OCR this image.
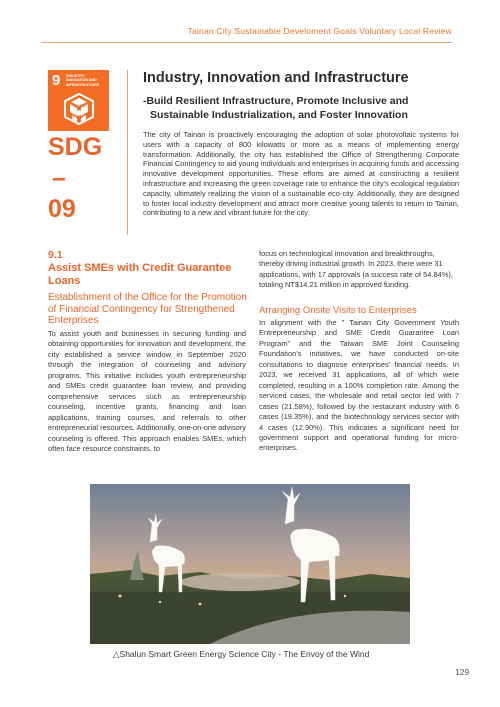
Tainan City Sustainable Develoment Goals Voluntary Local Review
9 INDUSTRY, INNOVATION AND INFRASTRUCTURE
SDG
–
09
Industry, Innovation and Infrastructure
-Build Resilient Infrastructure, Promote Inclusive and
Sustainable Industrialization, and Foster Innovation
The city of Tainan is proactively encouraging the adoption of solar photovoltaic systems for users with a capacity of 800 kilowatts or more as a means of implementing energy transformation. Additionally, the city has established the Office of Strengthening Corporate Financial Contingency to aid young individuals and enterprises in acquiring funds and accessing innovative development opportunities. These efforts are aimed at constructing a resilient infrastructure and increasing the green coverage rate to enhance the city's ecological regulation capacity, ultimately realizing the vision of a sustainable eco-city. Additionally, they are designed to foster local industry development and attract more creative young talents to return to Tainan, contributing to a new and vibrant future for the city.
9.1
Assist SMEs with Credit Guarantee Loans
Establishment of the Office for the Promotion of Financial Contingency for Strengthened Enterprises
To assist youth and businesses in securing funding and obtaining opportunities for innovation and development, the city established a service window in September 2020 through the integration of counseling and advisory programs. This initiative includes youth entrepreneurship and SMEs credit guarantee loan review, and providing comprehensive services such as entrepreneurship counseling, incentive grants, financing and loan applications, training courses, and referrals to other entrepreneurial resources. Additionally, one-on-one advisory counseling is offered. This approach enables SMEs, which often face resource constraints, to
focus on technological innovation and breakthroughs, thereby driving industrial growth. In 2023, there were 31 applications, with 17 approvals (a success rate of 54.84%), totaling NT$14.21 million in approved funding.
Arranging Onsite Visits to Enterprises
In alignment with the " Tainan City Government Youth Entrepreneurship and SME Credit Guarantee Loan Program" and the Taiwan SME Joint Counseling Foundation's initiatives, we have conducted on-site consultations to diagnose enterprises' financial needs. In 2023, we received 31 applications, all of which were completed, resulting in a 100% completion rate. Among the serviced cases, the wholesale and retail sector led with 7 cases (21.58%), followed by the restaurant industry with 6 cases (19.35%), and the biotechnology services sector with 4 cases (12.90%). This indicates a significant need for government support and operational funding for micro-enterprises.
△Shalun Smart Green Energy Science City - The Envoy of the Wind
129
